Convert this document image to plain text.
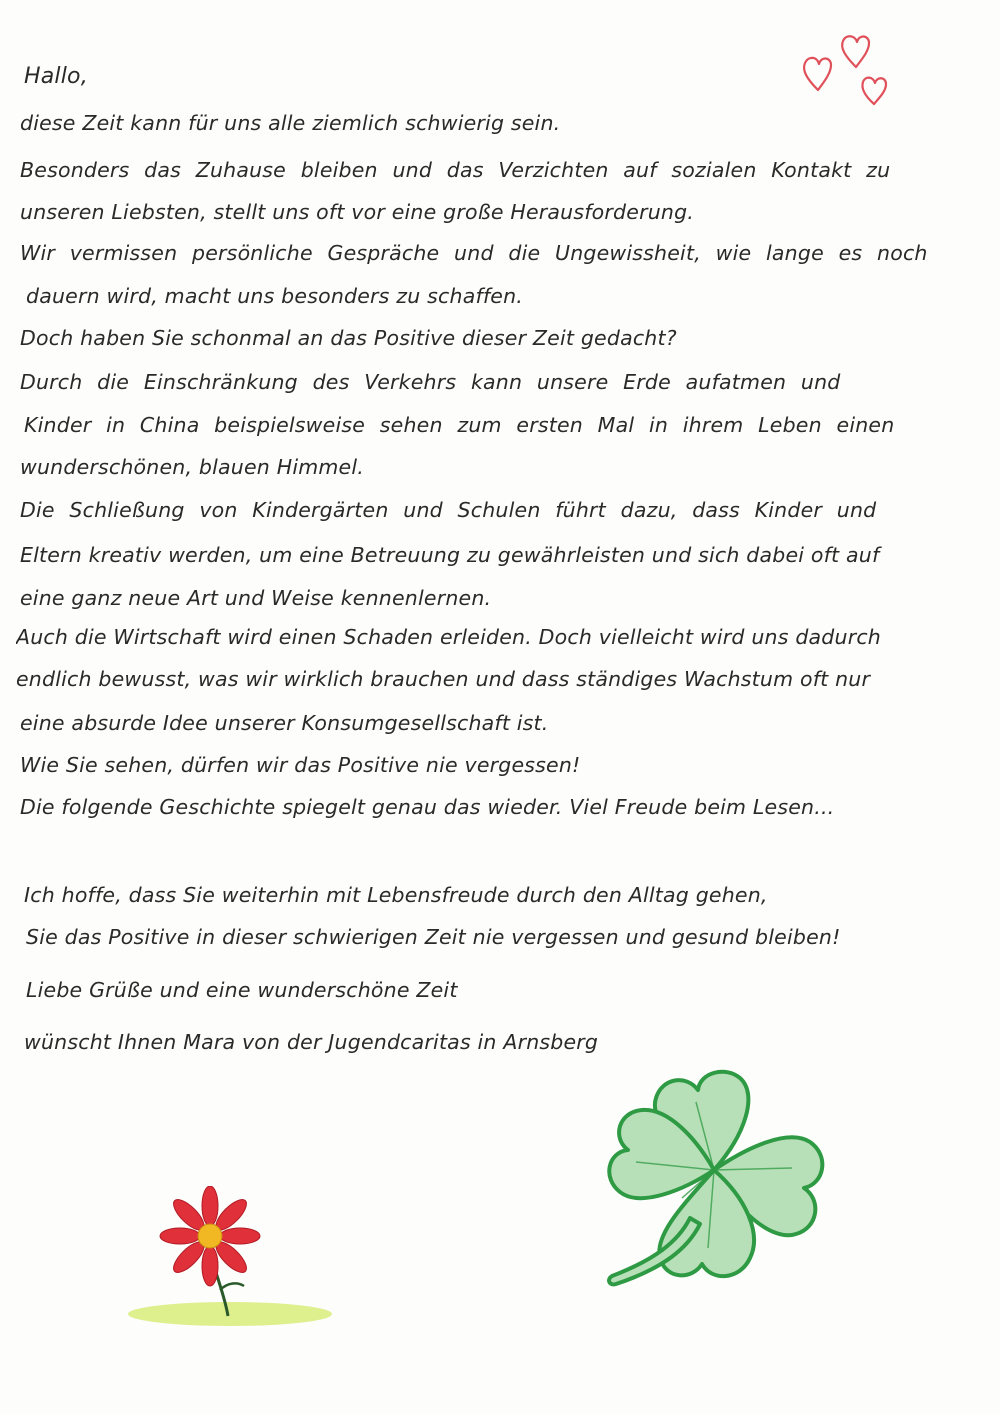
Hallo,
diese Zeit kann für uns alle ziemlich schwierig sein.
Besonders das Zuhause bleiben und das Verzichten auf sozialen Kontakt zu
unseren Liebsten, stellt uns oft vor eine große Herausforderung.
Wir vermissen persönliche Gespräche und die Ungewissheit, wie lange es noch
dauern wird, macht uns besonders zu schaffen.
Doch haben Sie schonmal an das Positive dieser Zeit gedacht?
Durch die Einschränkung des Verkehrs kann unsere Erde aufatmen und
Kinder in China beispielsweise sehen zum ersten Mal in ihrem Leben einen
wunderschönen, blauen Himmel.
Die Schließung von Kindergärten und Schulen führt dazu, dass Kinder und
Eltern kreativ werden, um eine Betreuung zu gewährleisten und sich dabei oft auf
eine ganz neue Art und Weise kennenlernen.
Auch die Wirtschaft wird einen Schaden erleiden. Doch vielleicht wird uns dadurch
endlich bewusst, was wir wirklich brauchen und dass ständiges Wachstum oft nur
eine absurde Idee unserer Konsumgesellschaft ist.
Wie Sie sehen, dürfen wir das Positive nie vergessen!
Die folgende Geschichte spiegelt genau das wieder. Viel Freude beim Lesen...
Ich hoffe, dass Sie weiterhin mit Lebensfreude durch den Alltag gehen,
Sie das Positive in dieser schwierigen Zeit nie vergessen und gesund bleiben!
Liebe Grüße und eine wunderschöne Zeit
wünscht Ihnen Mara von der Jugendcaritas in Arnsberg
